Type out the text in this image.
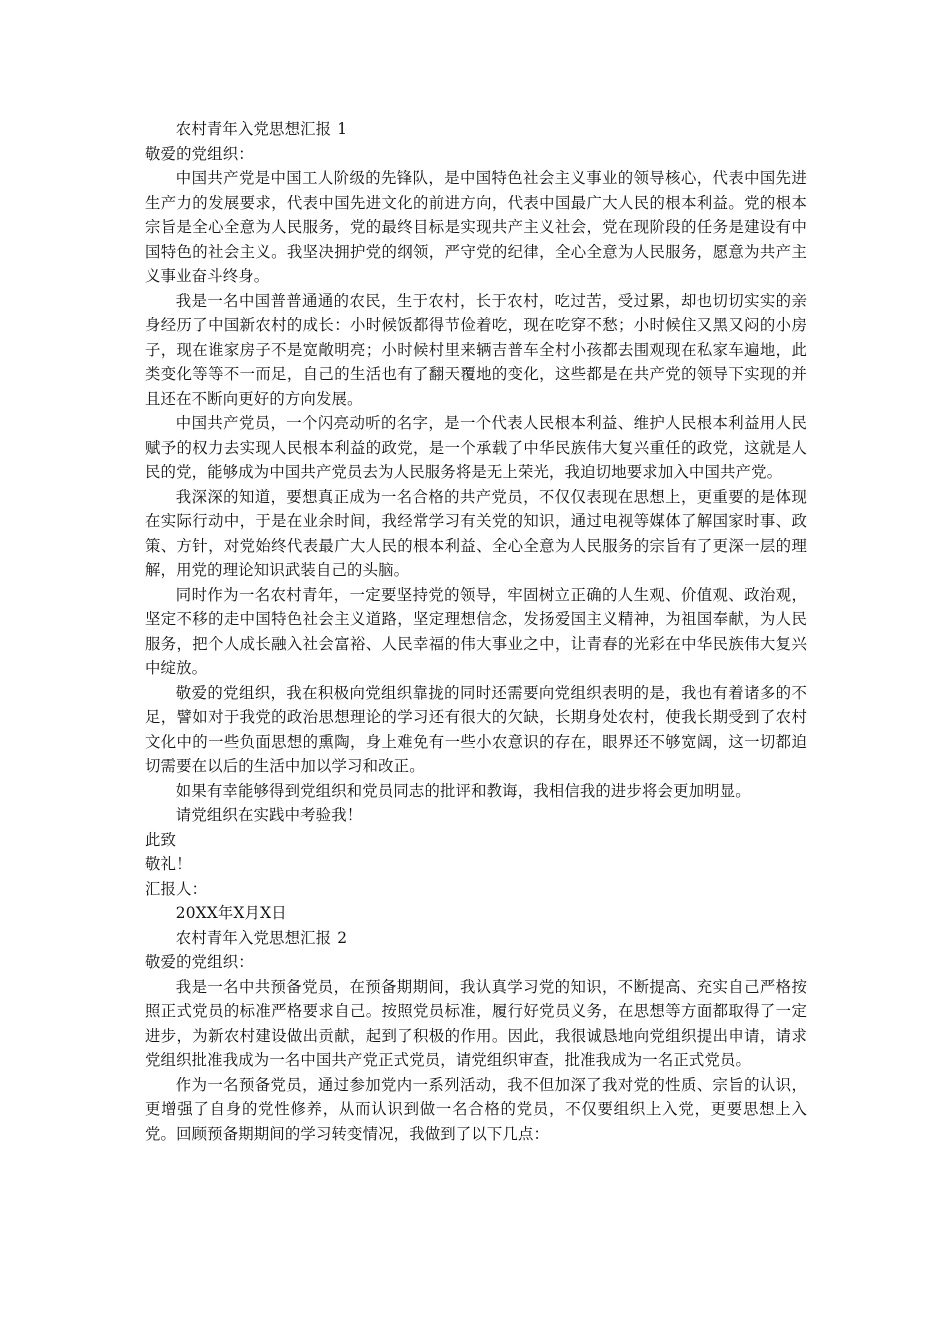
农村青年入党思想汇报 1

敬爱的党组织：

中国共产党是中国工人阶级的先锋队，是中国特色社会主义事业的领导核心，代表中国先进生产力的发展要求，代表中国先进文化的前进方向，代表中国最广大人民的根本利益。党的根本宗旨是全心全意为人民服务，党的最终目标是实现共产主义社会，党在现阶段的任务是建设有中国特色的社会主义。我坚决拥护党的纲领，严守党的纪律，全心全意为人民服务，愿意为共产主义事业奋斗终身。

我是一名中国普普通通的农民，生于农村，长于农村，吃过苦，受过累，却也切切实实的亲身经历了中国新农村的成长：小时候饭都得节俭着吃，现在吃穿不愁；小时候住又黑又闷的小房子，现在谁家房子不是宽敞明亮；小时候村里来辆吉普车全村小孩都去围观现在私家车遍地，此类变化等等不一而足，自己的生活也有了翻天覆地的变化，这些都是在共产党的领导下实现的并且还在不断向更好的方向发展。

中国共产党员，一个闪亮动听的名字，是一个代表人民根本利益、维护人民根本利益用人民赋予的权力去实现人民根本利益的政党，是一个承载了中华民族伟大复兴重任的政党，这就是人民的党，能够成为中国共产党员去为人民服务将是无上荣光，我迫切地要求加入中国共产党。

我深深的知道，要想真正成为一名合格的共产党员，不仅仅表现在思想上，更重要的是体现在实际行动中，于是在业余时间，我经常学习有关党的知识，通过电视等媒体了解国家时事、政策、方针，对党始终代表最广大人民的根本利益、全心全意为人民服务的宗旨有了更深一层的理解，用党的理论知识武装自己的头脑。

同时作为一名农村青年，一定要坚持党的领导，牢固树立正确的人生观、价值观、政治观，坚定不移的走中国特色社会主义道路，坚定理想信念，发扬爱国主义精神，为祖国奉献，为人民服务，把个人成长融入社会富裕、人民幸福的伟大事业之中，让青春的光彩在中华民族伟大复兴中绽放。

敬爱的党组织，我在积极向党组织靠拢的同时还需要向党组织表明的是，我也有着诸多的不足，譬如对于我党的政治思想理论的学习还有很大的欠缺，长期身处农村，使我长期受到了农村文化中的一些负面思想的熏陶，身上难免有一些小农意识的存在，眼界还不够宽阔，这一切都迫切需要在以后的生活中加以学习和改正。

如果有幸能够得到党组织和党员同志的批评和教诲，我相信我的进步将会更加明显。

请党组织在实践中考验我！

此致

敬礼！

汇报人：

20XX年X月X日

农村青年入党思想汇报 2

敬爱的党组织：

我是一名中共预备党员，在预备期期间，我认真学习党的知识，不断提高、充实自己严格按照正式党员的标准严格要求自己。按照党员标准，履行好党员义务，在思想等方面都取得了一定进步，为新农村建设做出贡献，起到了积极的作用。因此，我很诚恳地向党组织提出申请，请求党组织批准我成为一名中国共产党正式党员，请党组织审查，批准我成为一名正式党员。

作为一名预备党员，通过参加党内一系列活动，我不但加深了我对党的性质、宗旨的认识，更增强了自身的党性修养，从而认识到做一名合格的党员，不仅要组织上入党，更要思想上入党。回顾预备期期间的学习转变情况，我做到了以下几点：
